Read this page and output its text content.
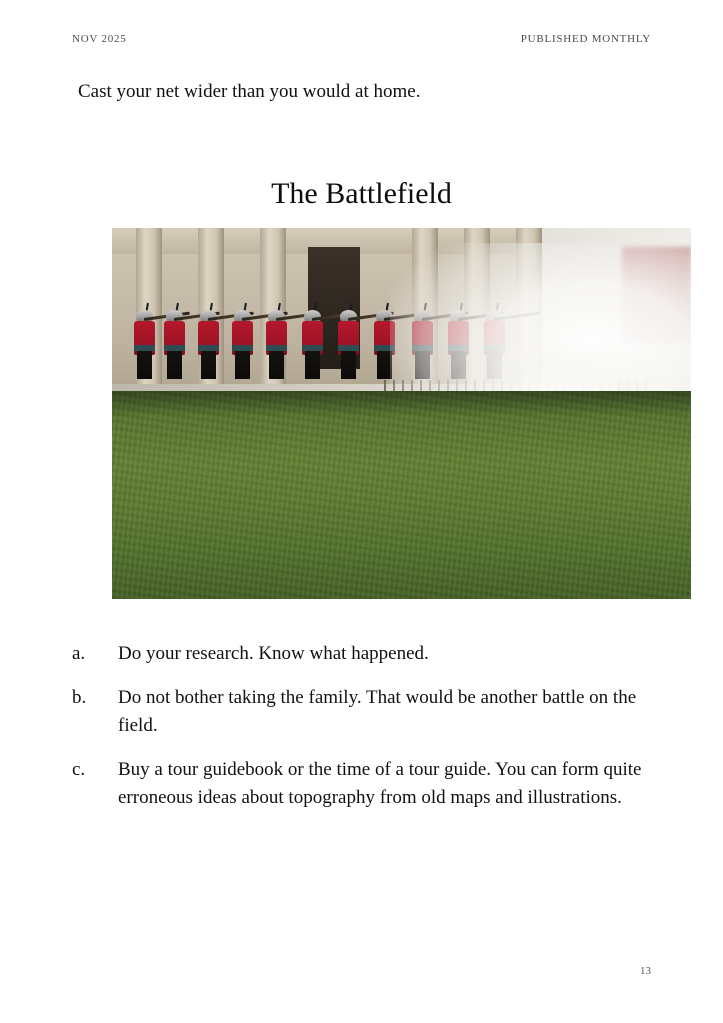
NOV 2025	PUBLISHED MONTHLY
Cast your net wider than you would at home.
The Battlefield
a.	Do your research. Know what happened.
b.	Do not bother taking the family. That would be another battle on the field.
c.	Buy a tour guidebook or the time of a tour guide. You can form quite erroneous ideas about topography from old maps and illustrations.
13
